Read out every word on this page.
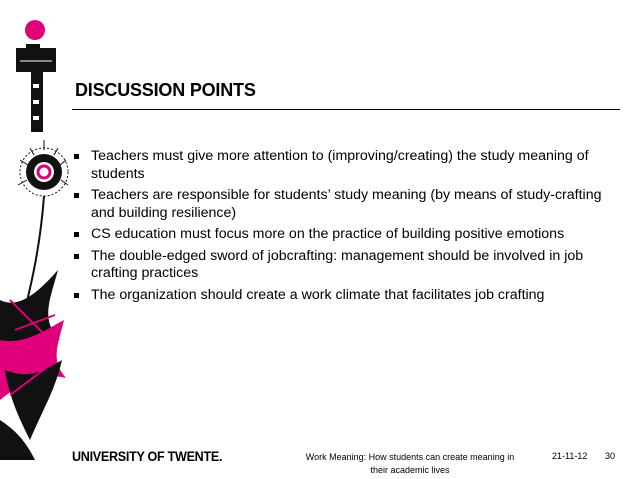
DISCUSSION POINTS
Teachers must give more attention to (improving/creating) the study meaning of students
Teachers are responsible for students’ study meaning (by means of study-crafting and building resilience)
CS education must focus more on the practice of building positive emotions
The double-edged sword of jobcrafting: management should be involved in job crafting practices
The organization should create a work climate that facilitates job crafting
UNIVERSITY OF TWENTE.	Work Meaning: How students can create meaning in their academic lives
21-11-12 30
